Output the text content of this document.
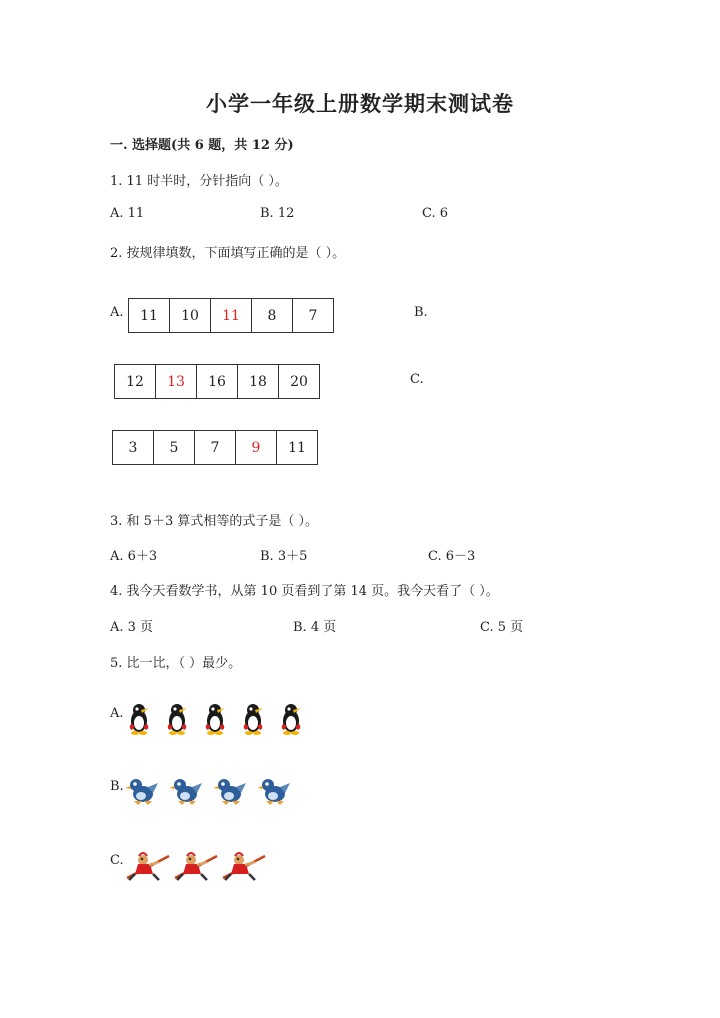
小学一年级上册数学期末测试卷
一. 选择题(共 6 题，共 12 分)
1. 11 时半时，分针指向（ ）。
A. 11	B. 12	C. 6
2. 按规律填数，下面填写正确的是（ ）。
A.	B.
C.
11	10	11	8	7
12	13	16	18	20
3	5	7	9	11
3. 和 5＋3 算式相等的式子是（ ）。
A. 6＋3	B. 3＋5	C. 6－3
4. 我今天看数学书，从第 10 页看到了第 14 页。我今天看了（ ）。
A. 3 页	B. 4 页	C. 5 页
5. 比一比，（ ）最少。
A.
B.
C.
